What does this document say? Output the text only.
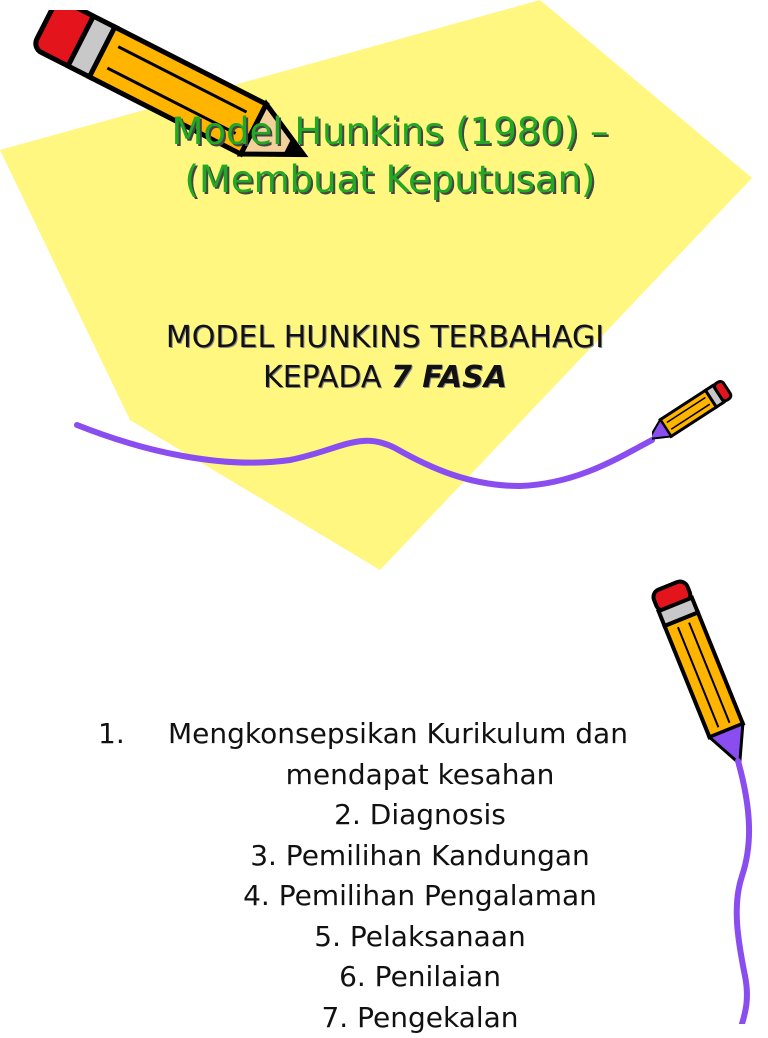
Model Hunkins (1980) –
(Membuat Keputusan)
MODEL HUNKINS TERBAHAGI
KEPADA 7 FASA
1. Mengkonsepsikan Kurikulum dan
mendapat kesahan
2. Diagnosis
3. Pemilihan Kandungan
4. Pemilihan Pengalaman
5. Pelaksanaan
6. Penilaian
7. Pengekalan
